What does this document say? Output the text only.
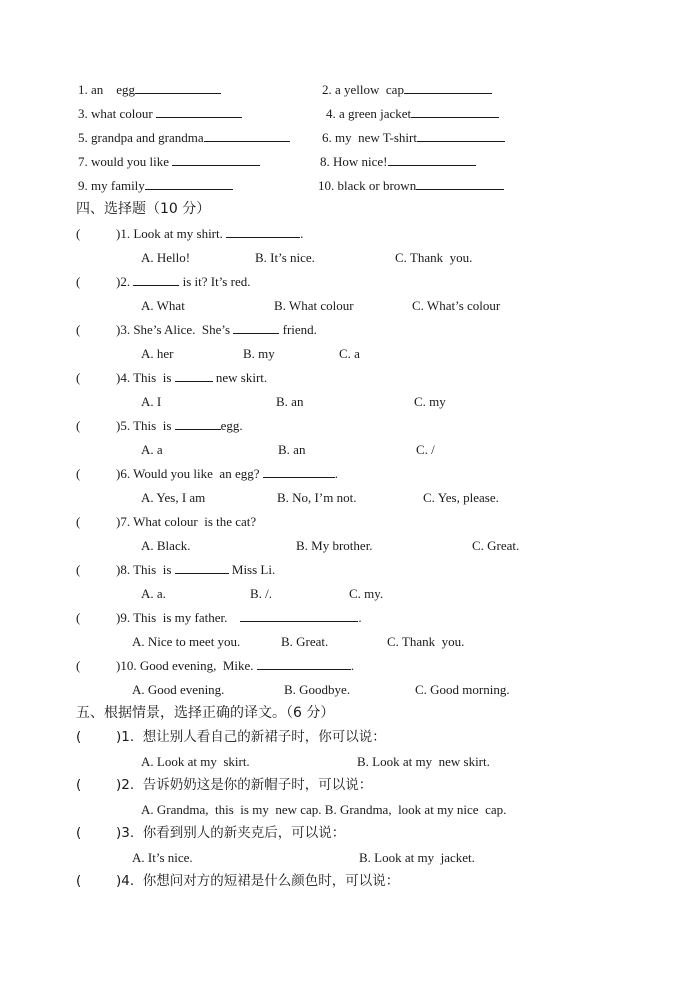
1. an    egg	2. a yellow  cap
3. what colour	4. a green jacket
5. grandpa and grandma	6. my  new T-shirt
7. would you like	8. How nice!
9. my family	10. black or brown
四、选择题（10 分）
(	)1. Look at my shirt.	.
A. Hello!	B. It’s nice.	C. Thank  you.
(	)2.	is it? It’s red.
A. What	B. What colour	C. What’s colour
(	)3. She’s Alice.  She’s	friend.
A. her	B. my	C. a
(	)4. This  is	new skirt.
A. I	B. an	C. my
(	)5. This  is	egg.
A. a	B. an	C. /
(	)6. Would you like  an egg?	.
A. Yes, I am	B. No, I’m not.	C. Yes, please.
(	)7. What colour  is the cat?
A. Black.	B. My brother.	C. Great.
(	)8. This  is	Miss Li.
A. a.	B. /.	C. my.
(	)9. This  is my father.	.
A. Nice to meet you.	B. Great.	C. Thank  you.
(	)10. Good evening,  Mike.	.
A. Good evening.	B. Goodbye.	C. Good morning.
五、根据情景，选择正确的译文。（6 分）
(	)1.  想让别人看自己的新裙子时，你可以说：
A. Look at my  skirt.	B. Look at my  new skirt.
(	)2.  告诉奶奶这是你的新帽子时，可以说：
A. Grandma,  this  is my  new cap. B. Grandma,  look at my nice  cap.
(	)3.  你看到别人的新夹克后，可以说：
A. It’s nice.	B. Look at my  jacket.
(	)4.  你想问对方的短裙是什么颜色时，可以说：
